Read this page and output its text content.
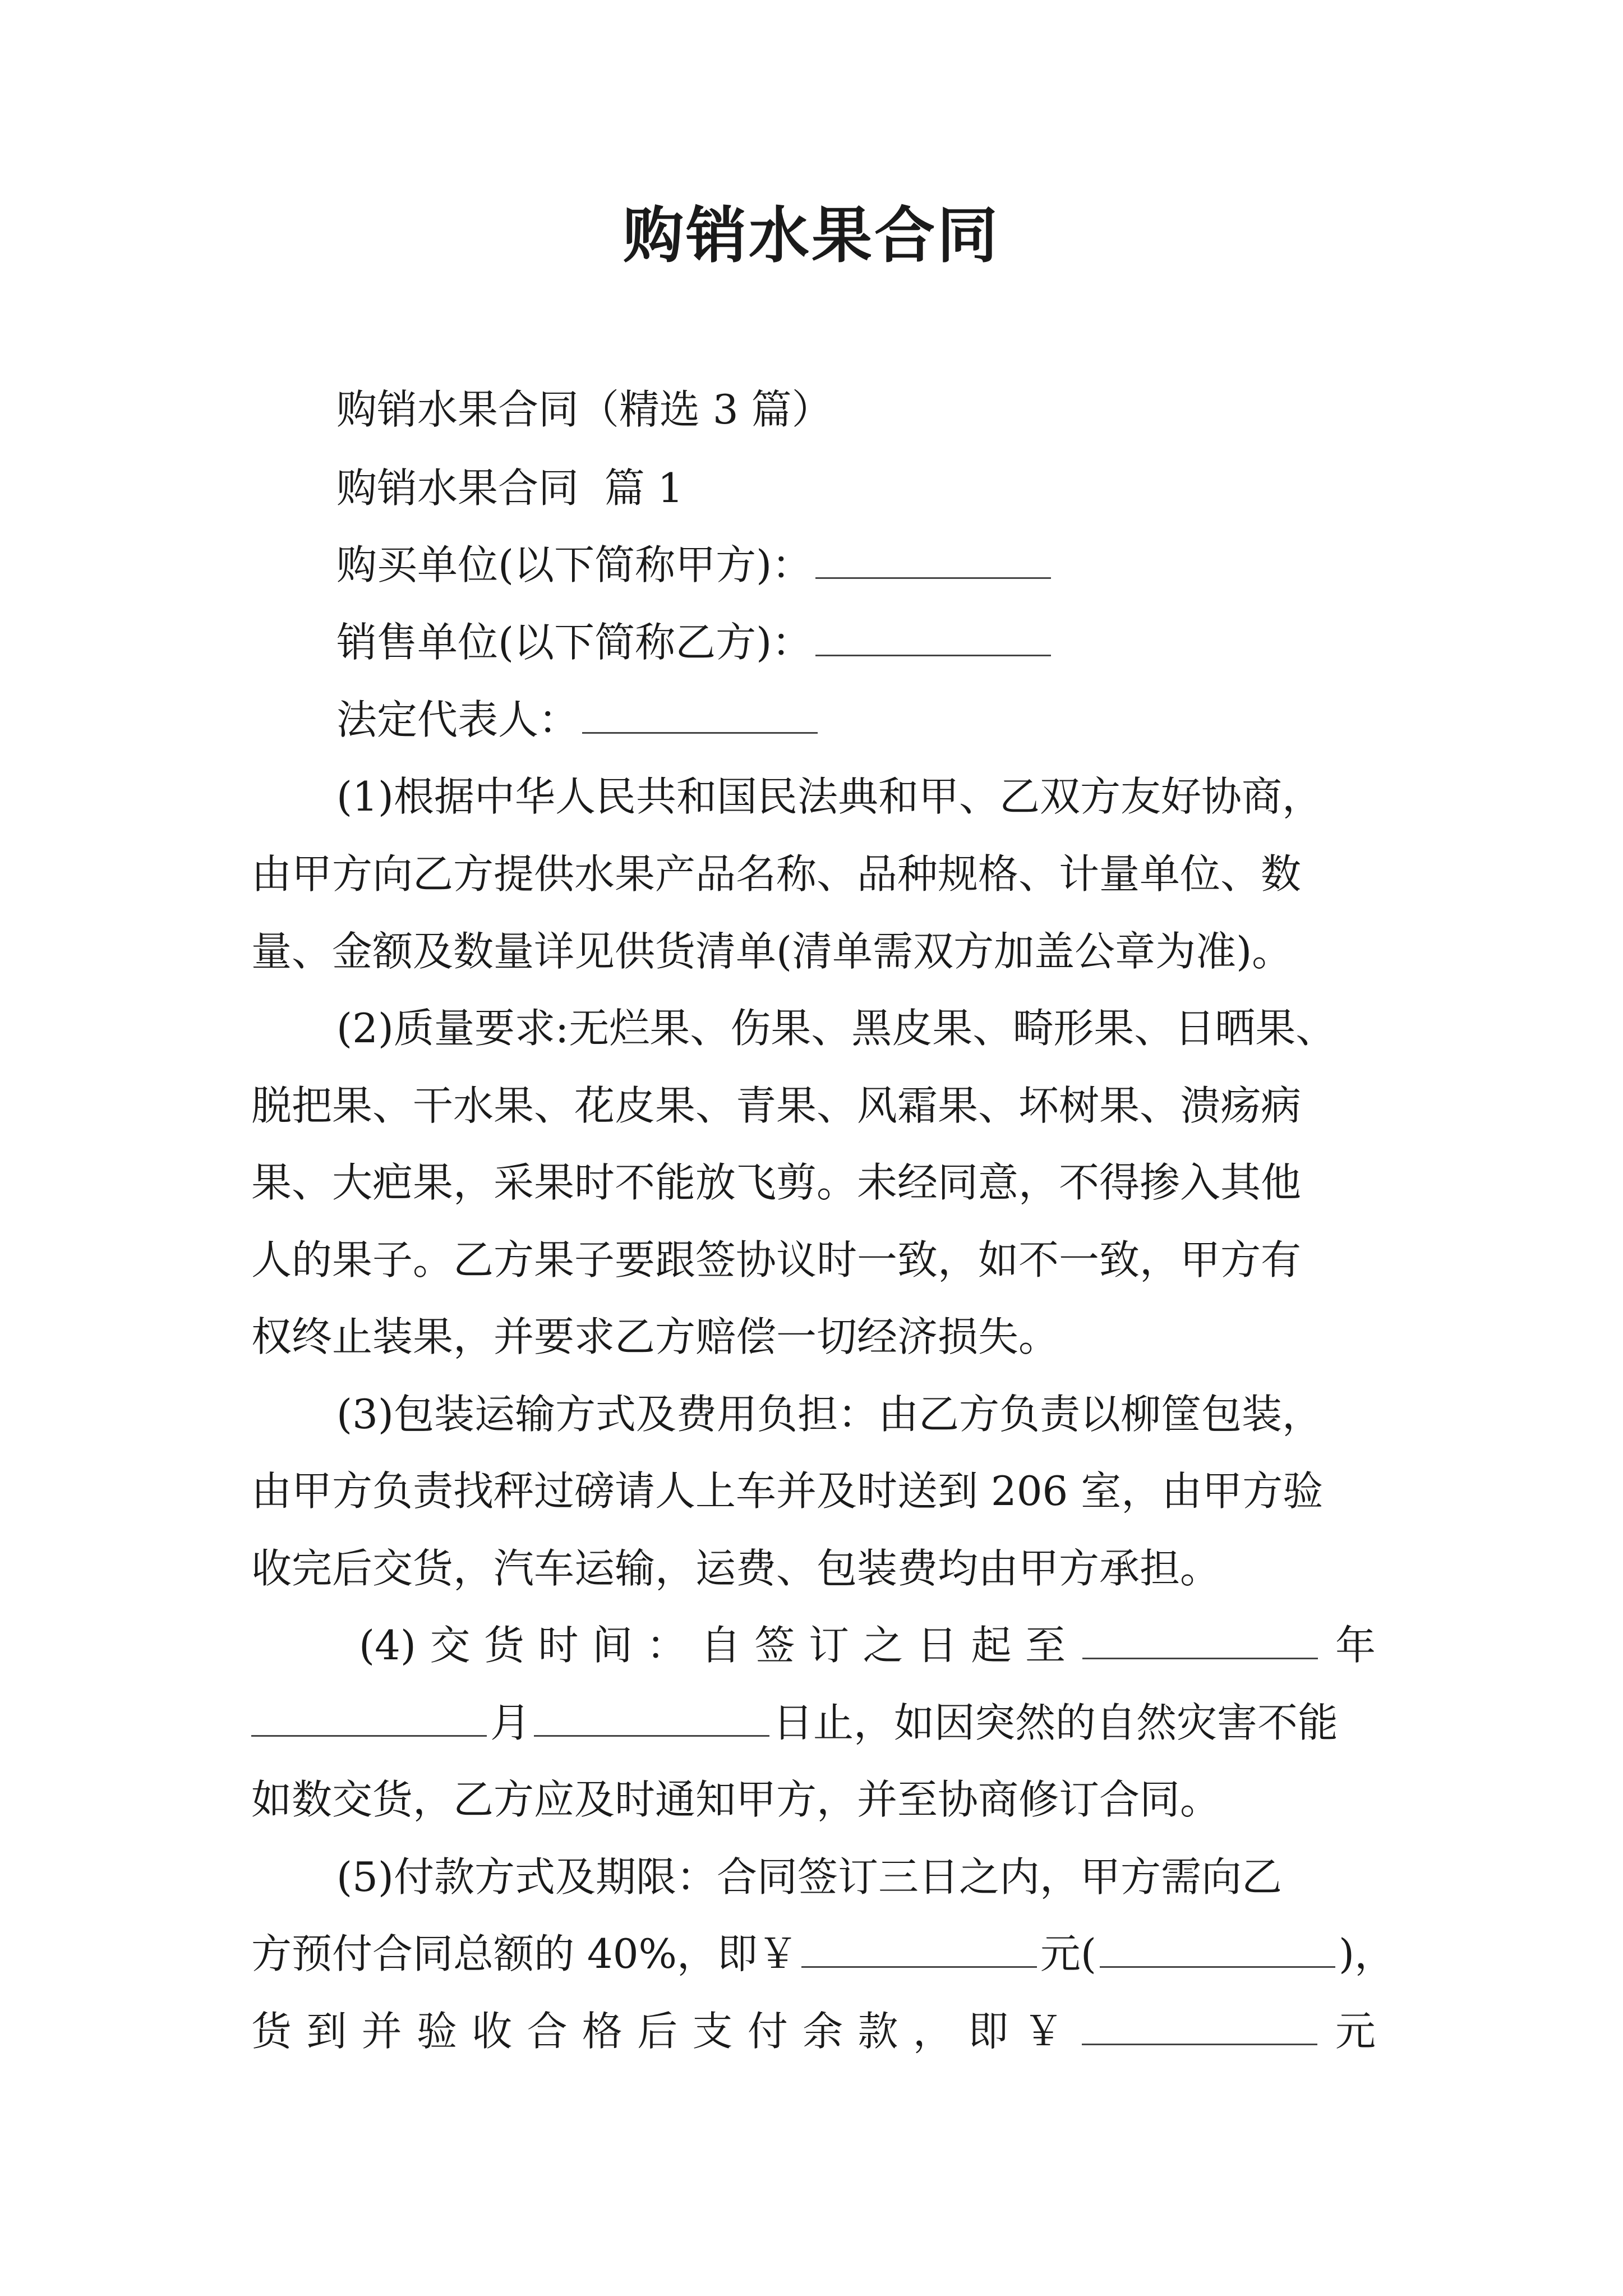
购销水果合同
购销水果合同（精选 3 篇）
购销水果合同  篇 1
购买单位(以下简称甲方)：
销售单位(以下简称乙方)：
法定代表人：
(1)根据中华人民共和国民法典和甲、乙双方友好协商，
由甲方向乙方提供水果产品名称、品种规格、计量单位、数
量、金额及数量详见供货清单(清单需双方加盖公章为准)。
(2)质量要求:无烂果、伤果、黑皮果、畸形果、日晒果、
脱把果、干水果、花皮果、青果、风霜果、坏树果、溃疡病
果、大疤果，采果时不能放飞剪。未经同意，不得掺入其他
人的果子。乙方果子要跟签协议时一致，如不一致，甲方有
权终止装果，并要求乙方赔偿一切经济损失。
(3)包装运输方式及费用负担：由乙方负责以柳筐包装，
由甲方负责找秤过磅请人上车并及时送到 206 室，由甲方验
收完后交货，汽车运输，运费、包装费均由甲方承担。
(4) 交 货 时 间 ： 自 签 订 之 日 起 至	年
月	日止，如因突然的自然灾害不能
如数交货，乙方应及时通知甲方，并至协商修订合同。
(5)付款方式及期限：合同签订三日之内，甲方需向乙
方预付合同总额的 40%，即￥	元(	)，
货 到 并 验 收 合 格 后 支 付 余 款 ， 即 ￥	元
